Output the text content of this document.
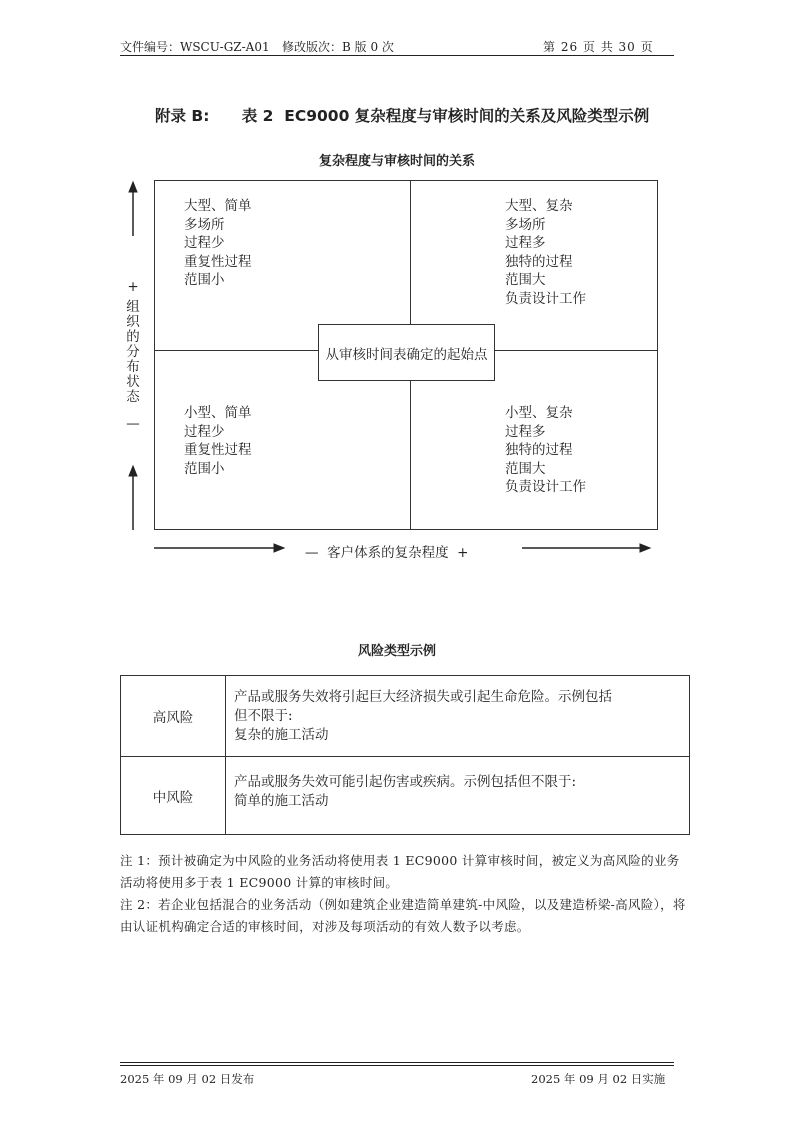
文件编号：WSCU-GZ-A01 修改版次：B 版 0 次	第 26 页 共 30 页
附录 B:      表 2  EC9000 复杂程度与审核时间的关系及风险类型示例
复杂程度与审核时间的关系
大型、简单
多场所
过程少
重复性过程
范围小
大型、复杂
多场所
过程多
独特的过程
范围大
负责设计工作
小型、简单
过程少
重复性过程
范围小
小型、复杂
过程多
独特的过程
范围大
负责设计工作
从审核时间表确定的起始点
+
组织的分布状态
—
—  客户体系的复杂程度  +
风险类型示例
高风险	产品或服务失效将引起巨大经济损失或引起生命危险。示例包括
但不限于:
复杂的施工活动

中风险	产品或服务失效可能引起伤害或疾病。示例包括但不限于:
简单的施工活动
注 1：预计被确定为中风险的业务活动将使用表 1 EC9000 计算审核时间，被定义为高风险的业务活动将使用多于表 1 EC9000 计算的审核时间。
注 2：若企业包括混合的业务活动（例如建筑企业建造简单建筑-中风险，以及建造桥梁-高风险），将由认证机构确定合适的审核时间，对涉及每项活动的有效人数予以考虑。
2025 年 09 月 02 日发布	2025 年 09 月 02 日实施
